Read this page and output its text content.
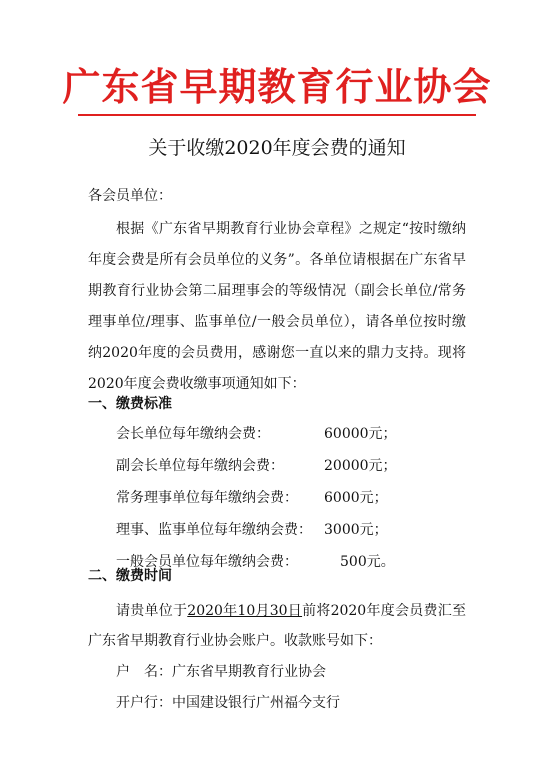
广东省早期教育行业协会
关于收缴2020年度会费的通知
各会员单位：
根据《广东省早期教育行业协会章程》之规定“按时缴纳年度会费是所有会员单位的义务”。各单位请根据在广东省早期教育行业协会第二届理事会的等级情况（副会长单位/常务理事单位/理事、监事单位/一般会员单位），请各单位按时缴纳2020年度的会员费用，感谢您一直以来的鼎力支持。现将2020年度会费收缴事项通知如下：
一、缴费标准
会长单位每年缴纳会费：	60000元；
副会长单位每年缴纳会费：	20000元；
常务理事单位每年缴纳会费： 6000元；
理事、监事单位每年缴纳会费： 3000元；
一般会员单位每年缴纳会费：	500元。
二、缴费时间
请贵单位于2020年10月30日前将2020年度会员费汇至广东省早期教育行业协会账户。收款账号如下：
户　名：广东省早期教育行业协会
开户行：中国建设银行广州福今支行
